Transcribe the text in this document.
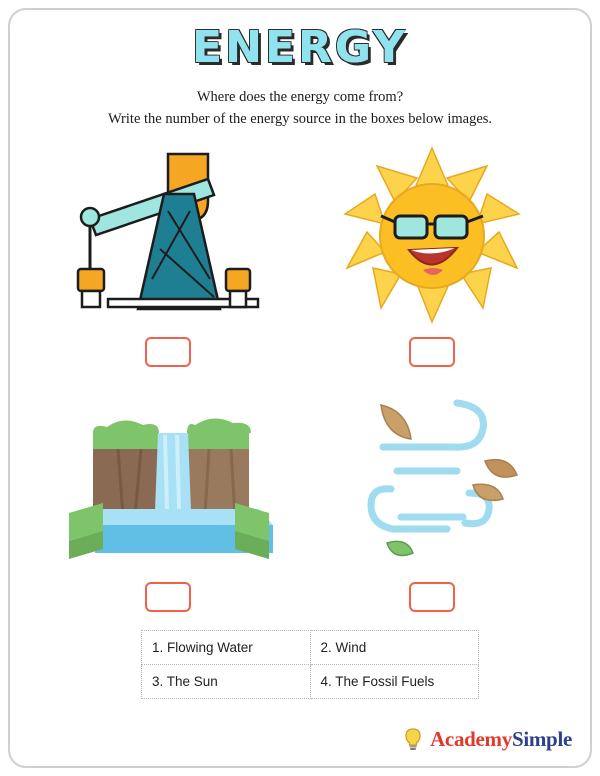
ENERGY
Where does the energy come from?
Write the number of the energy source in the boxes below images.
1. Flowing Water	2. Wind
3. The Sun	4. The Fossil Fuels
AcademySimple
